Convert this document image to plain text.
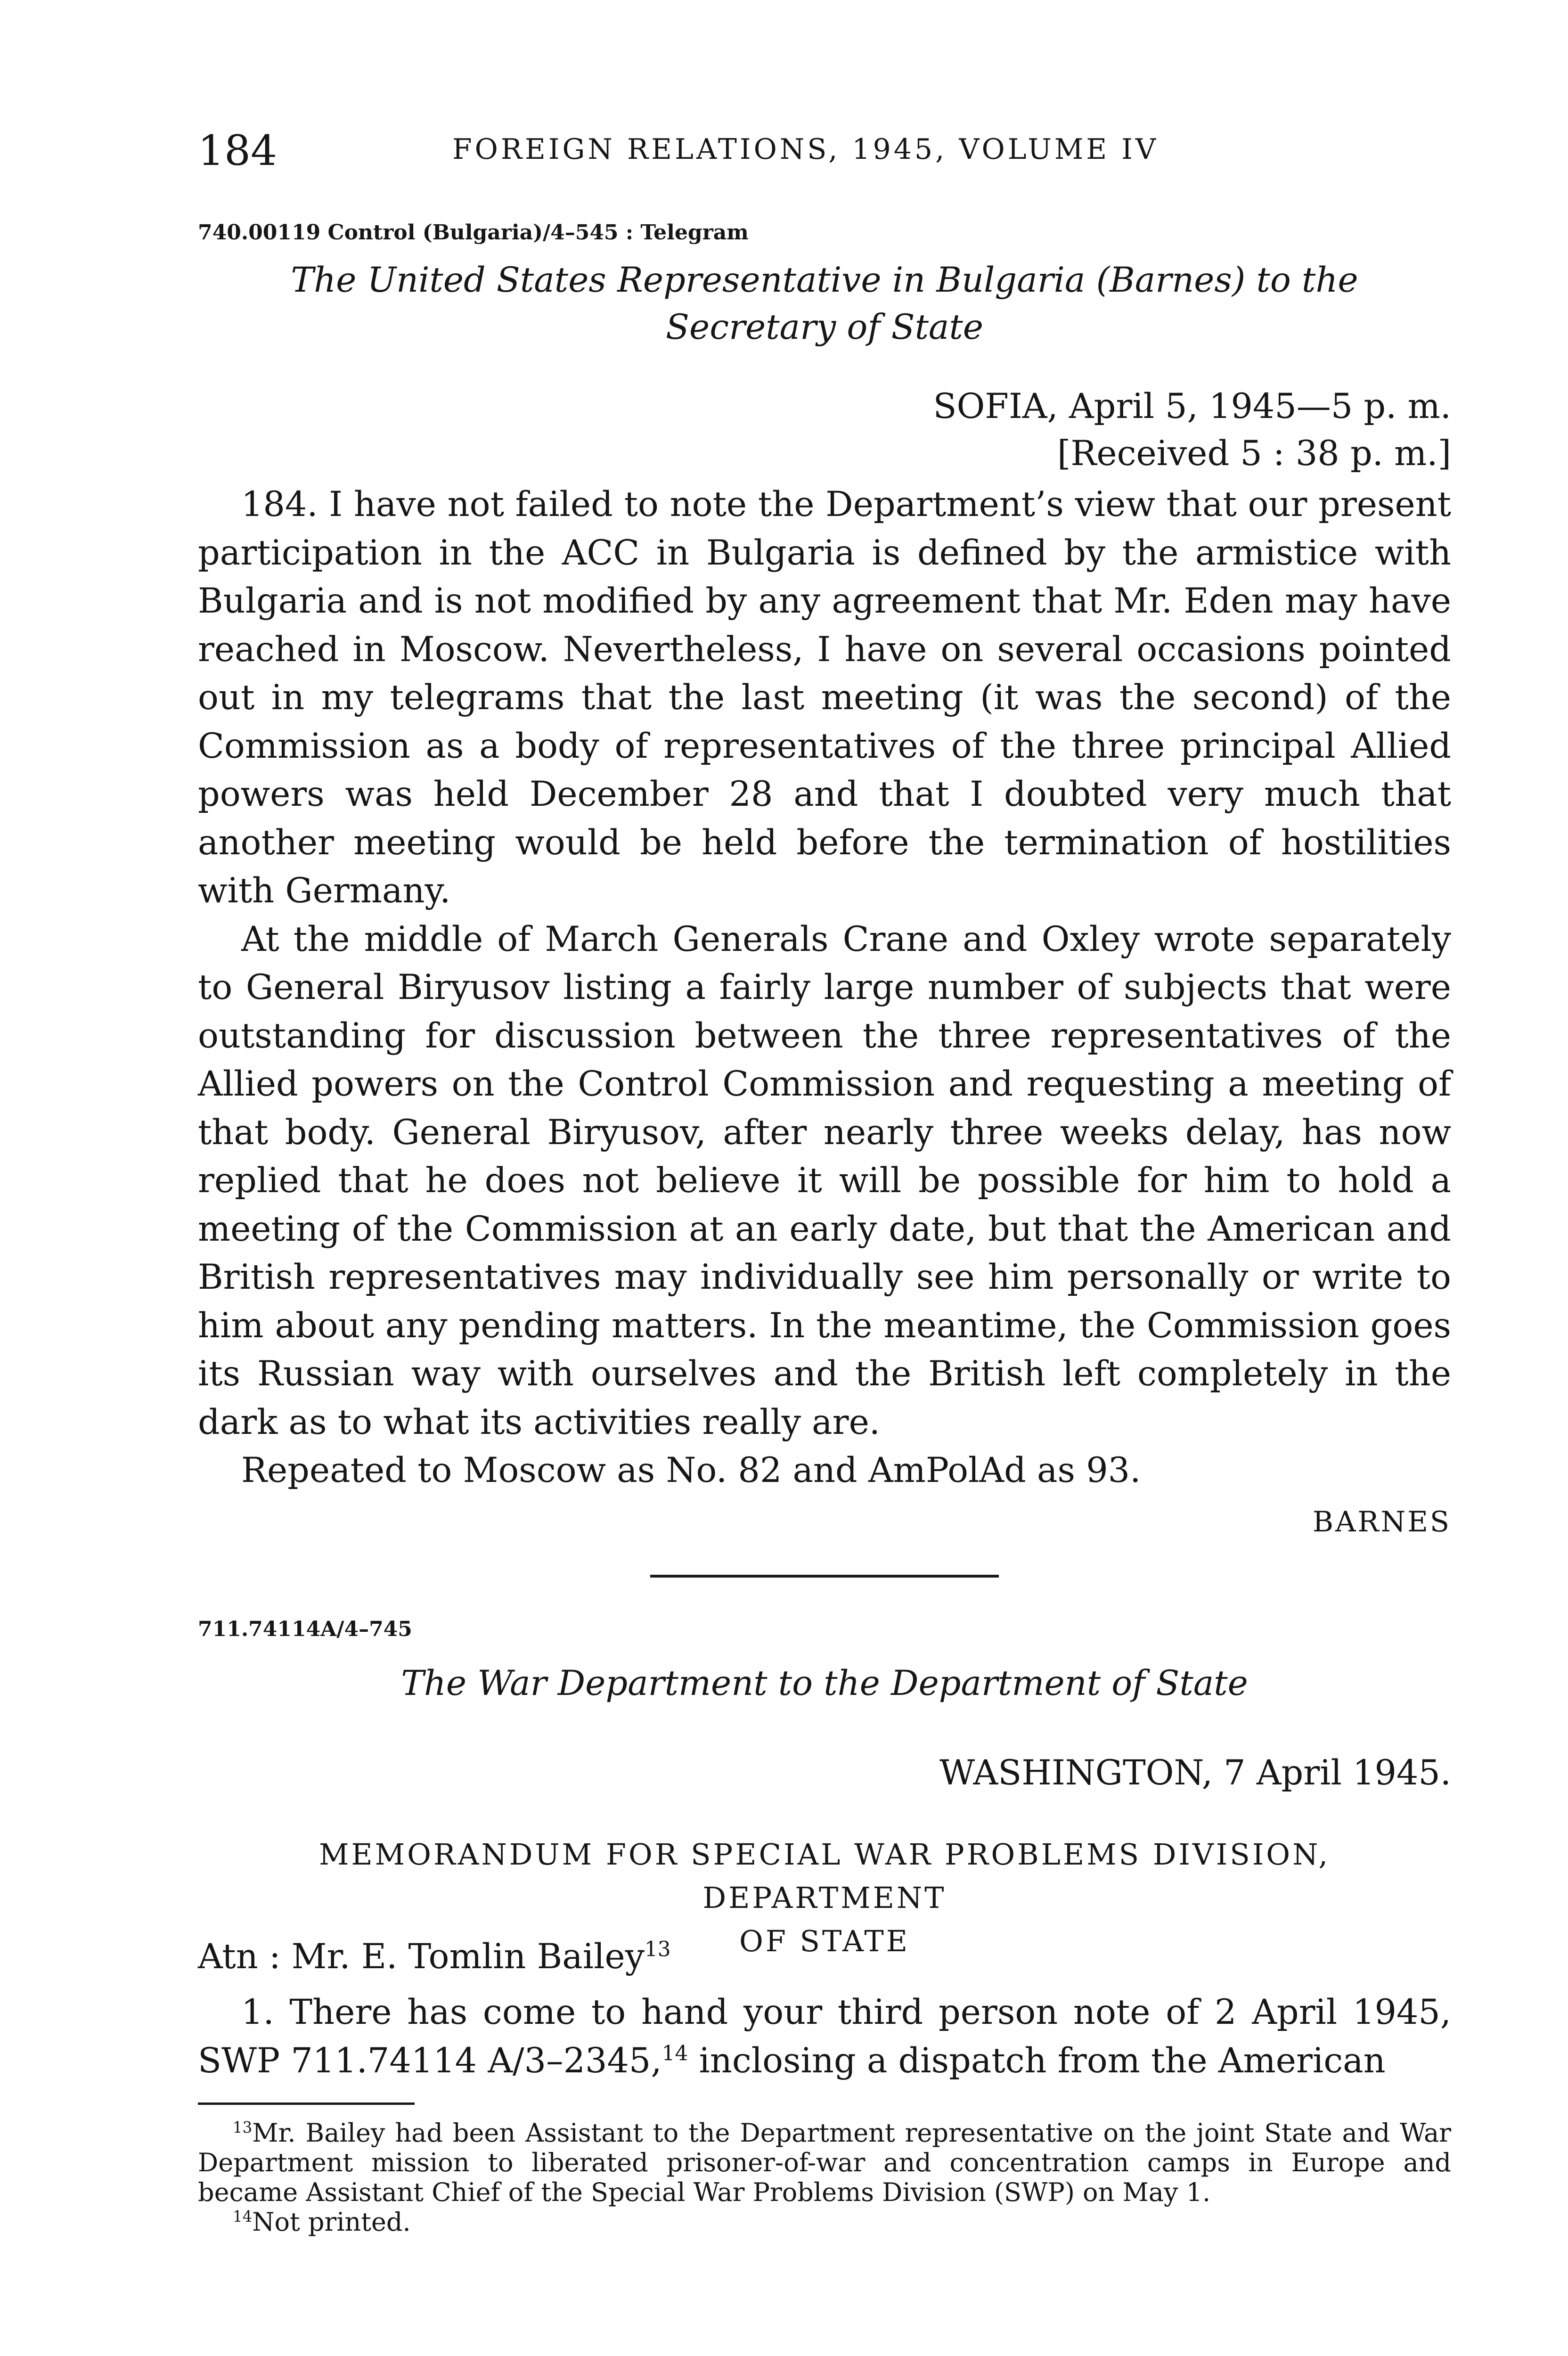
184	FOREIGN RELATIONS, 1945, VOLUME IV
740.00119 Control (Bulgaria)/4–545 : Telegram
The United States Representative in Bulgaria (Barnes) to the
Secretary of State
SOFIA, April 5, 1945—5 p. m.
[Received 5 : 38 p. m.]

184. I have not failed to note the Department’s view that our present participation in the ACC in Bulgaria is defined by the armistice with Bulgaria and is not modified by any agreement that Mr. Eden may have reached in Moscow. Nevertheless, I have on several occasions pointed out in my telegrams that the last meeting (it was the second) of the Commission as a body of representatives of the three principal Allied powers was held December 28 and that I doubted very much that another meeting would be held before the termination of hostilities with Germany.

At the middle of March Generals Crane and Oxley wrote separately to General Biryusov listing a fairly large number of subjects that were outstanding for discussion between the three representatives of the Allied powers on the Control Commission and requesting a meeting of that body. General Biryusov, after nearly three weeks delay, has now replied that he does not believe it will be possible for him to hold a meeting of the Commission at an early date, but that the American and British representatives may individually see him personally or write to him about any pending matters. In the meantime, the Commission goes its Russian way with ourselves and the British left completely in the dark as to what its activities really are.

Repeated to Moscow as No. 82 and AmPolAd as 93.

BARNES
711.74114A/4–745
The War Department to the Department of State
WASHINGTON, 7 April 1945.
MEMORANDUM FOR SPECIAL WAR PROBLEMS DIVISION, DEPARTMENT
OF STATE
Atn : Mr. E. Tomlin Bailey$^{13}$

1. There has come to hand your third person note of 2 April 1945, SWP 711.74114 A/3–2345,14 inclosing a dispatch from the American

$^{13}$Mr. Bailey had been Assistant to the Department representative on the joint State and War Department mission to liberated prisoner-of-war and concentration camps in Europe and became Assistant Chief of the Special War Problems Division (SWP) on May 1.

$^{14}$Not printed.
